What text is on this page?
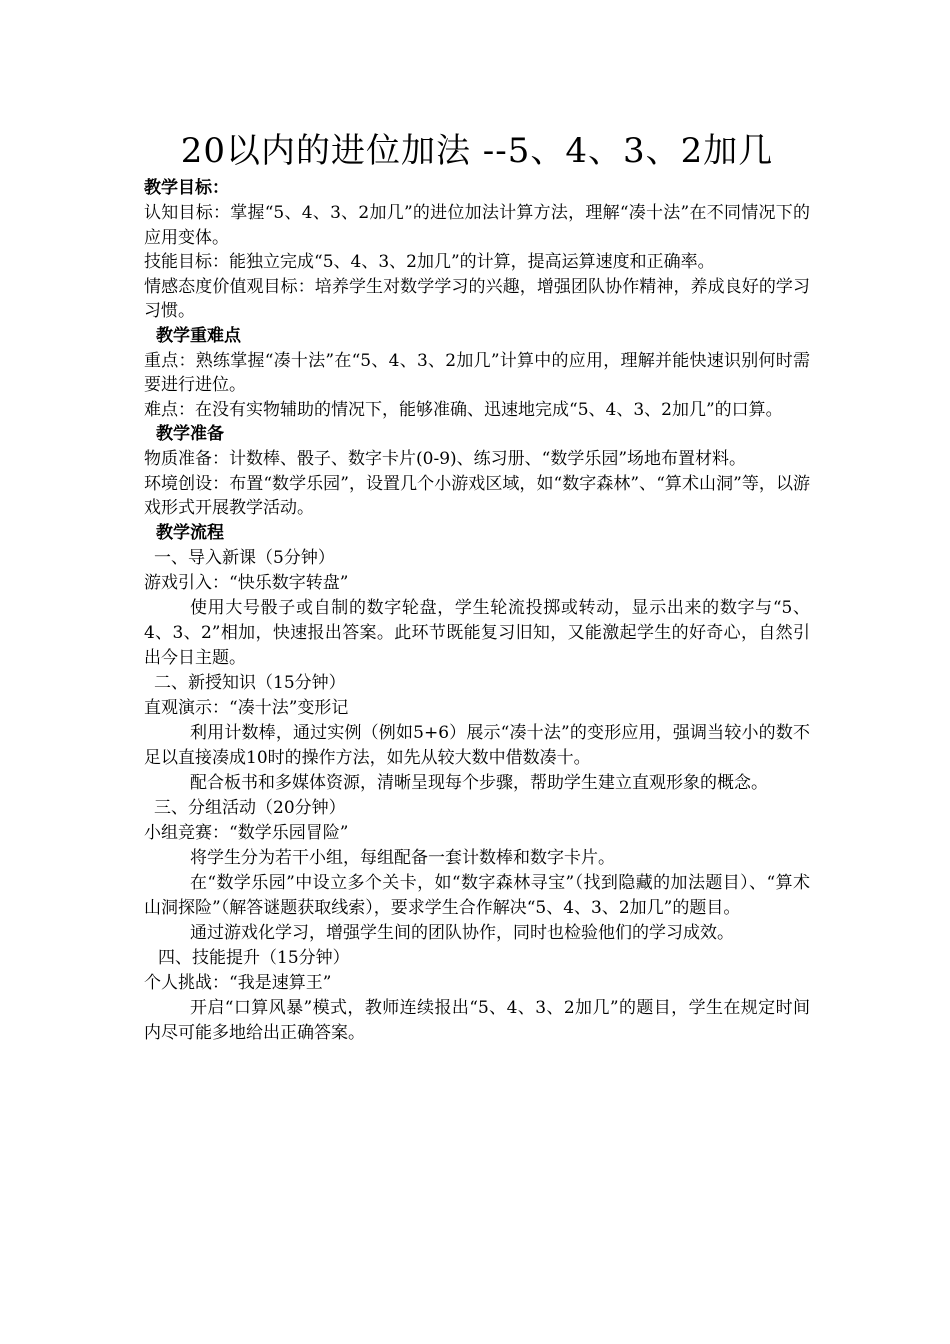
20以内的进位加法 --5、4、3、2加几
教学目标：

认知目标：掌握“5、4、3、2加几”的进位加法计算方法，理解“凑十法”在不同情况下的应用变体。

技能目标：能独立完成“5、4、3、2加几”的计算，提高运算速度和正确率。

情感态度价值观目标：培养学生对数学学习的兴趣，增强团队协作精神，养成良好的学习习惯。

教学重难点

重点：熟练掌握“凑十法”在“5、4、3、2加几”计算中的应用，理解并能快速识别何时需要进行进位。

难点：在没有实物辅助的情况下，能够准确、迅速地完成“5、4、3、2加几”的口算。

教学准备

物质准备：计数棒、骰子、数字卡片(0-9)、练习册、“数学乐园”场地布置材料。

环境创设：布置“数学乐园”，设置几个小游戏区域，如“数字森林”、“算术山洞”等，以游戏形式开展教学活动。

教学流程

一、导入新课（5分钟）

游戏引入：“快乐数字转盘”

使用大号骰子或自制的数字轮盘，学生轮流投掷或转动，显示出来的数字与“5、4、3、2”相加，快速报出答案。此环节既能复习旧知，又能激起学生的好奇心，自然引出今日主题。

二、新授知识（15分钟）

直观演示：“凑十法”变形记

利用计数棒，通过实例（例如5+6）展示“凑十法”的变形应用，强调当较小的数不足以直接凑成10时的操作方法，如先从较大数中借数凑十。

配合板书和多媒体资源，清晰呈现每个步骤，帮助学生建立直观形象的概念。

三、分组活动（20分钟）

小组竞赛：“数学乐园冒险”

将学生分为若干小组，每组配备一套计数棒和数字卡片。

在“数学乐园”中设立多个关卡，如“数字森林寻宝”（找到隐藏的加法题目）、“算术山洞探险”（解答谜题获取线索），要求学生合作解决“5、4、3、2加几”的题目。

通过游戏化学习，增强学生间的团队协作，同时也检验他们的学习成效。

四、技能提升（15分钟）

个人挑战：“我是速算王”

开启“口算风暴”模式，教师连续报出“5、4、3、2加几”的题目，学生在规定时间内尽可能多地给出正确答案。
